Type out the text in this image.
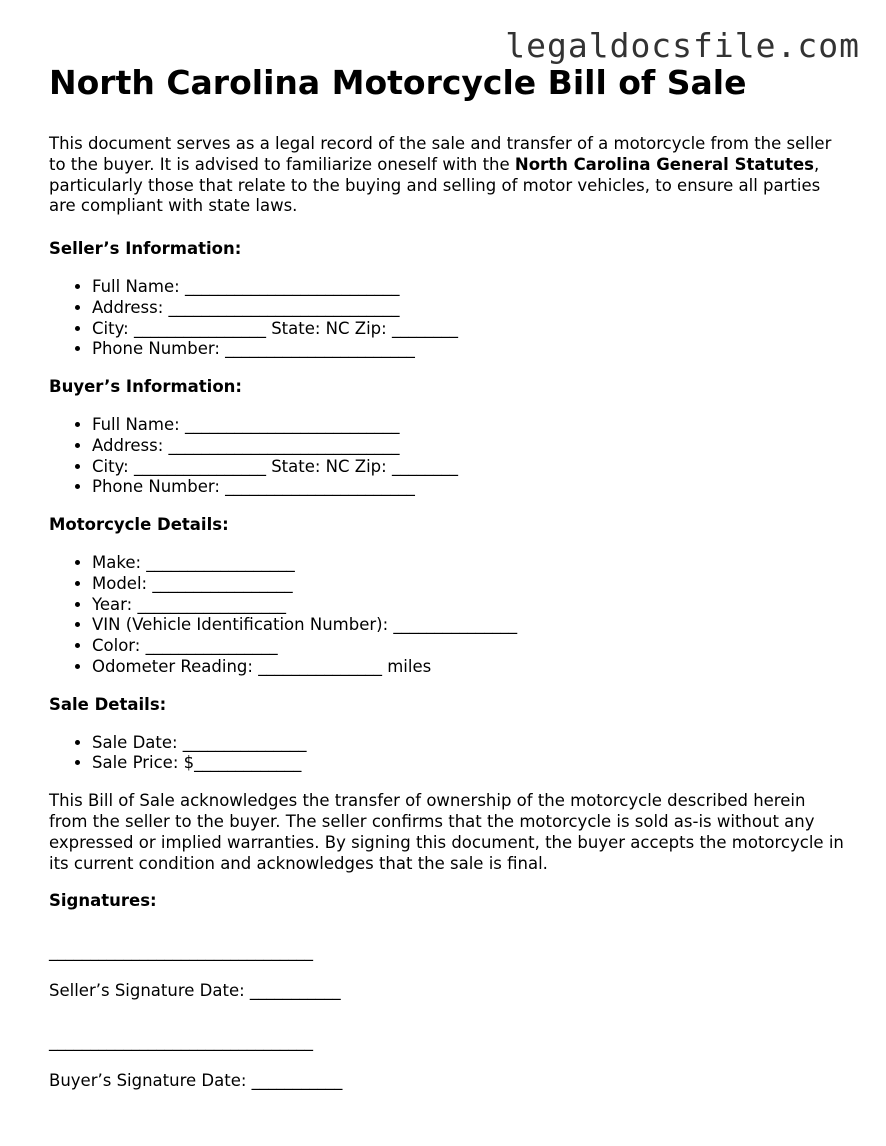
legaldocsfile.com
North Carolina Motorcycle Bill of Sale

This document serves as a legal record of the sale and transfer of a motorcycle from the seller to the buyer. It is advised to familiarize oneself with the North Carolina General Statutes, particularly those that relate to the buying and selling of motor vehicles, to ensure all parties are compliant with state laws.

Seller’s Information:
• Full Name: __________________________
• Address: ____________________________
• City: ________________ State: NC Zip: ________
• Phone Number: _______________________
Buyer’s Information:
• Full Name: __________________________
• Address: ____________________________
• City: ________________ State: NC Zip: ________
• Phone Number: _______________________
Motorcycle Details:
• Make: __________________
• Model: _________________
• Year: __________________
• VIN (Vehicle Identification Number): _______________
• Color: ________________
• Odometer Reading: _______________ miles
Sale Details:
• Sale Date: _______________
• Sale Price: $_____________

This Bill of Sale acknowledges the transfer of ownership of the motorcycle described herein from the seller to the buyer. The seller confirms that the motorcycle is sold as-is without any expressed or implied warranties. By signing this document, the buyer accepts the motorcycle in its current condition and acknowledges that the sale is final.

Signatures:
________________________________
Seller’s Signature Date: ___________
________________________________
Buyer’s Signature Date: ___________
